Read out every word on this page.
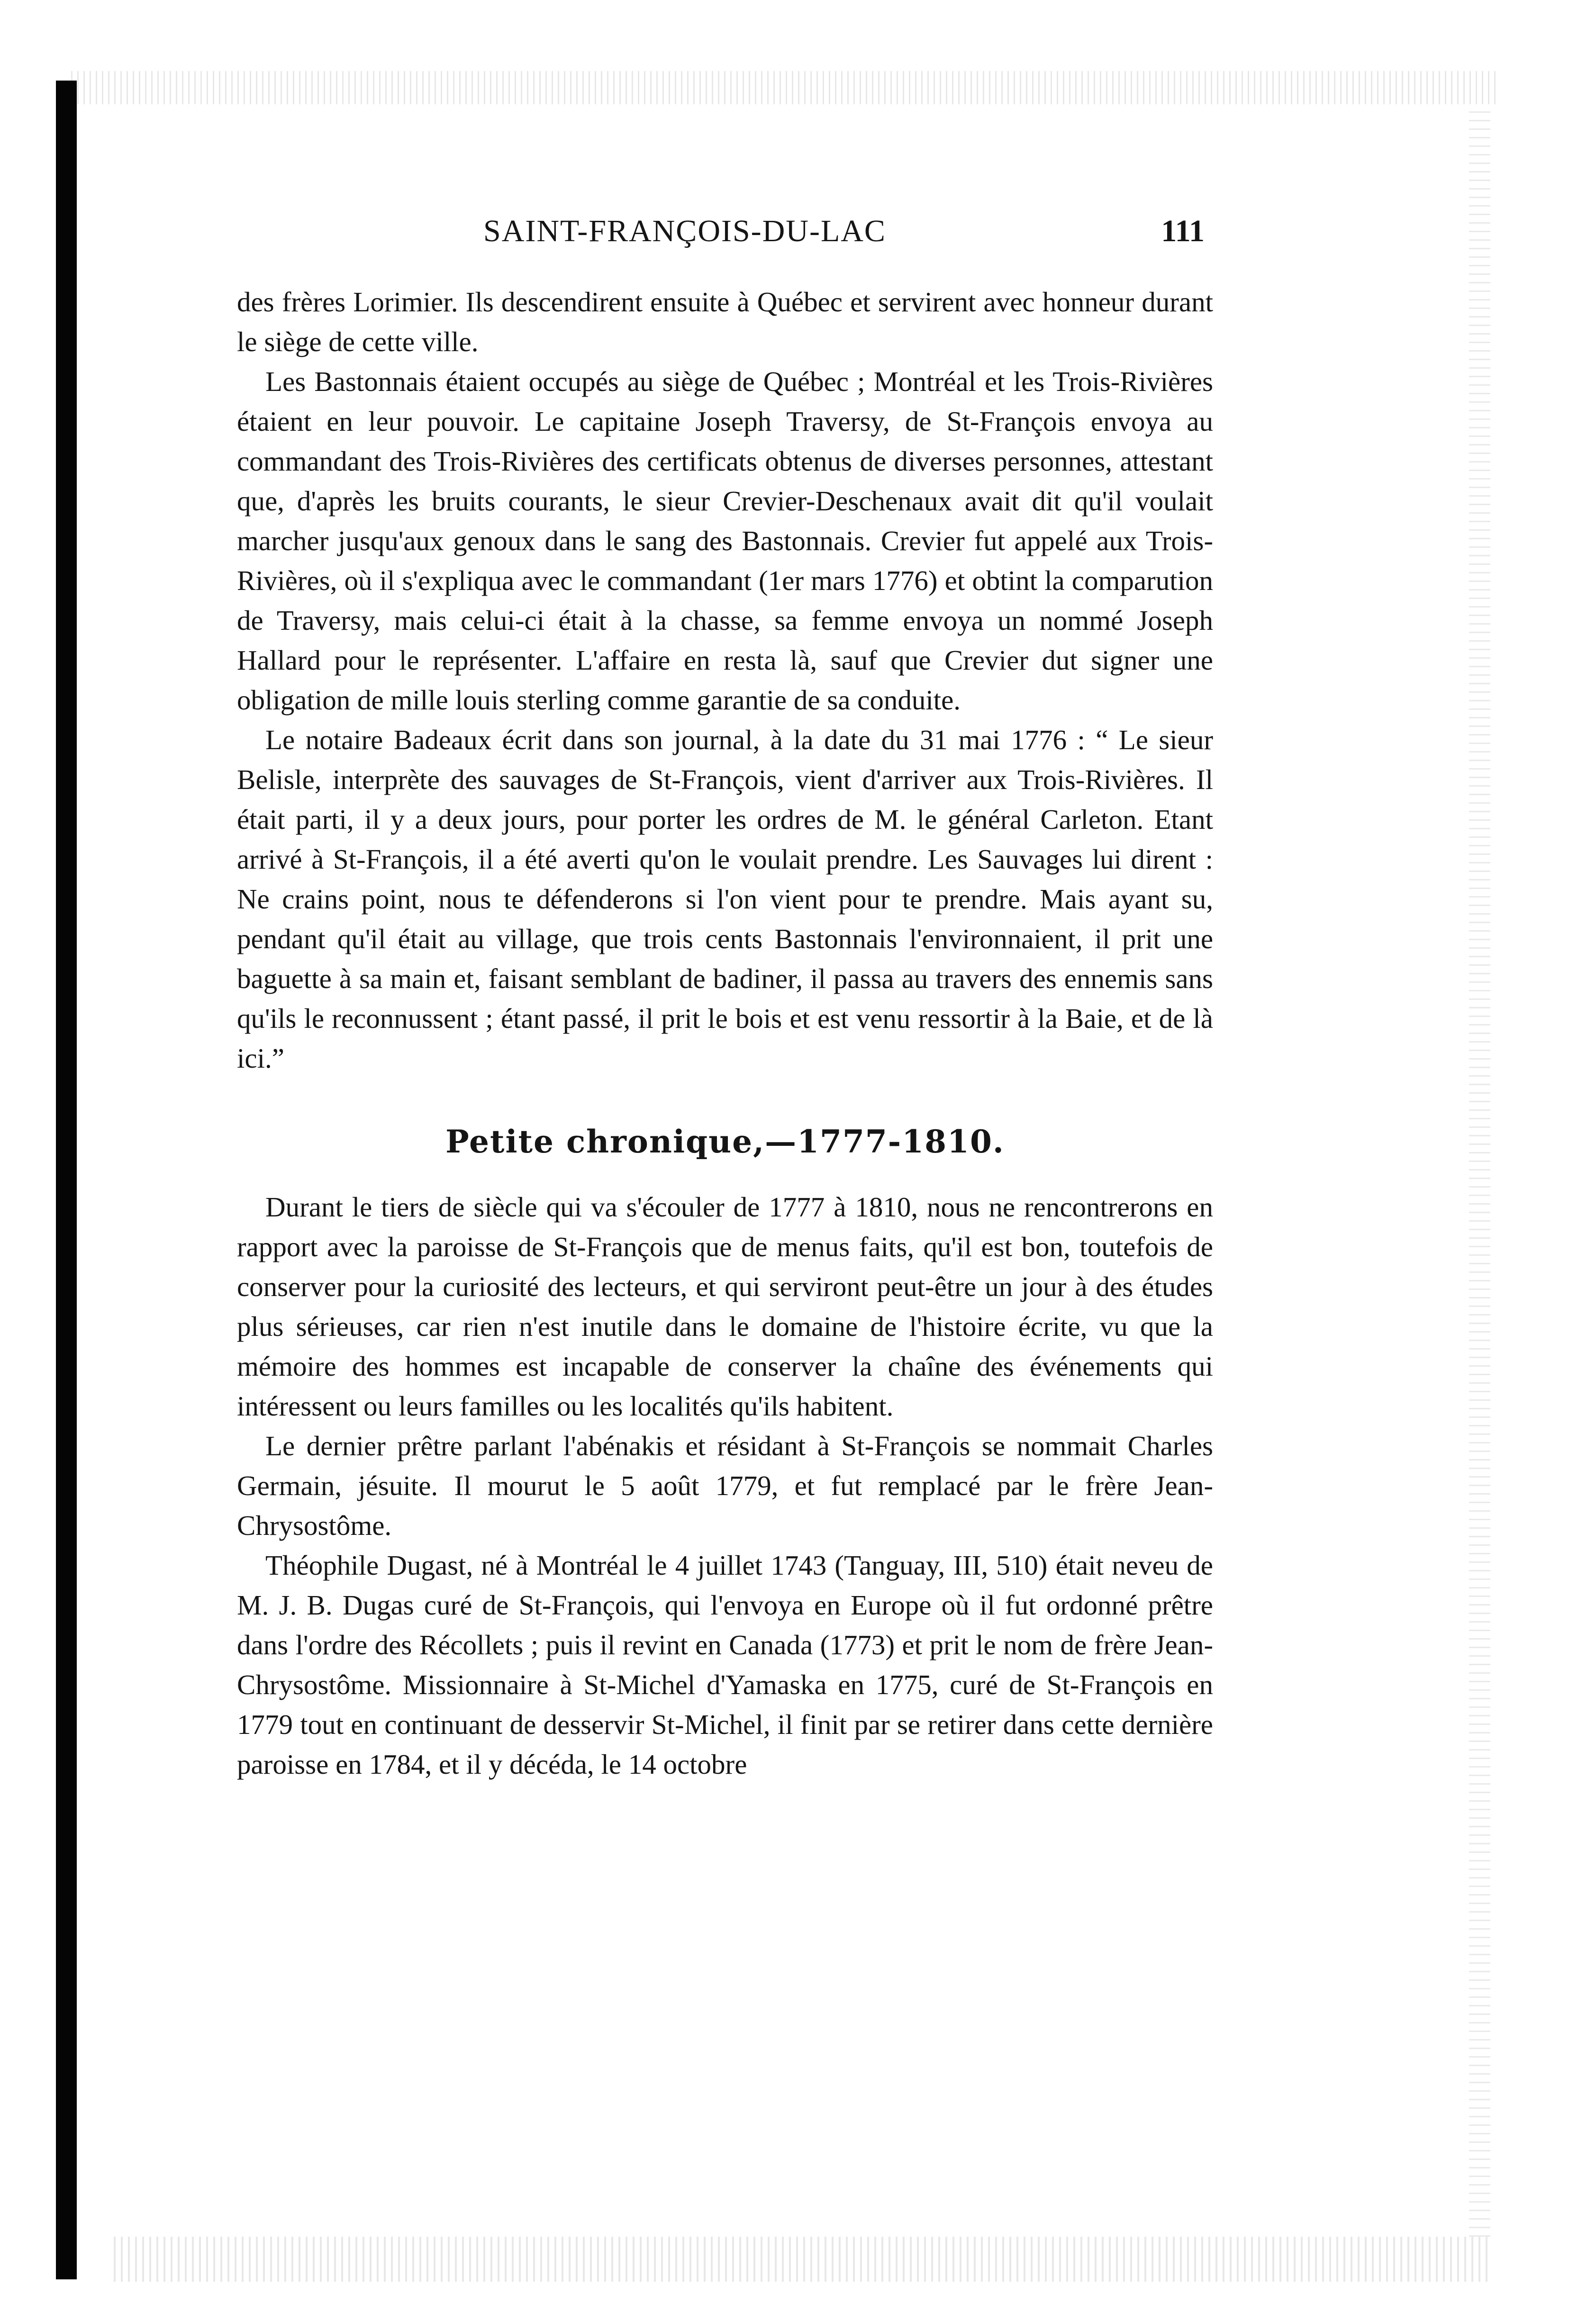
SAINT-FRANÇOIS-DU-LAC	111

des frères Lorimier. Ils descendirent ensuite à Québec et servirent avec honneur durant le siège de cette ville.

Les Bastonnais étaient occupés au siège de Québec ; Montréal et les Trois-Rivières étaient en leur pouvoir. Le capitaine Joseph Traversy, de St-François envoya au commandant des Trois-Rivières des certificats obtenus de diverses personnes, attestant que, d'après les bruits courants, le sieur Crevier-Deschenaux avait dit qu'il voulait marcher jusqu'aux genoux dans le sang des Bastonnais. Crevier fut appelé aux Trois-Rivières, où il s'expliqua avec le commandant (1er mars 1776) et obtint la comparution de Traversy, mais celui-ci était à la chasse, sa femme envoya un nommé Joseph Hallard pour le représenter. L'affaire en resta là, sauf que Crevier dut signer une obligation de mille louis sterling comme garantie de sa conduite.

Le notaire Badeaux écrit dans son journal, à la date du 31 mai 1776 : “ Le sieur Belisle, interprète des sauvages de St-François, vient d'arriver aux Trois-Rivières. Il était parti, il y a deux jours, pour porter les ordres de M. le général Carleton. Etant arrivé à St-François, il a été averti qu'on le voulait prendre. Les Sauvages lui dirent : Ne crains point, nous te défenderons si l'on vient pour te prendre. Mais ayant su, pendant qu'il était au village, que trois cents Bastonnais l'environnaient, il prit une baguette à sa main et, faisant semblant de badiner, il passa au travers des ennemis sans qu'ils le reconnussent ; étant passé, il prit le bois et est venu ressortir à la Baie, et de là ici.”

Petite chronique,—1777-1810.

Durant le tiers de siècle qui va s'écouler de 1777 à 1810, nous ne rencontrerons en rapport avec la paroisse de St-François que de menus faits, qu'il est bon, toutefois de conserver pour la curiosité des lecteurs, et qui serviront peut-être un jour à des études plus sérieuses, car rien n'est inutile dans le domaine de l'histoire écrite, vu que la mémoire des hommes est incapable de conserver la chaîne des événements qui intéressent ou leurs familles ou les localités qu'ils habitent.

Le dernier prêtre parlant l'abénakis et résidant à St-François se nommait Charles Germain, jésuite. Il mourut le 5 août 1779, et fut remplacé par le frère Jean-Chrysostôme.

Théophile Dugast, né à Montréal le 4 juillet 1743 (Tanguay, III, 510) était neveu de M. J. B. Dugas curé de St-François, qui l'envoya en Europe où il fut ordonné prêtre dans l'ordre des Récollets ; puis il revint en Canada (1773) et prit le nom de frère Jean-Chrysostôme. Missionnaire à St-Michel d'Yamaska en 1775, curé de St-François en 1779 tout en continuant de desservir St-Michel, il finit par se retirer dans cette dernière paroisse en 1784, et il y décéda, le 14 octobre
